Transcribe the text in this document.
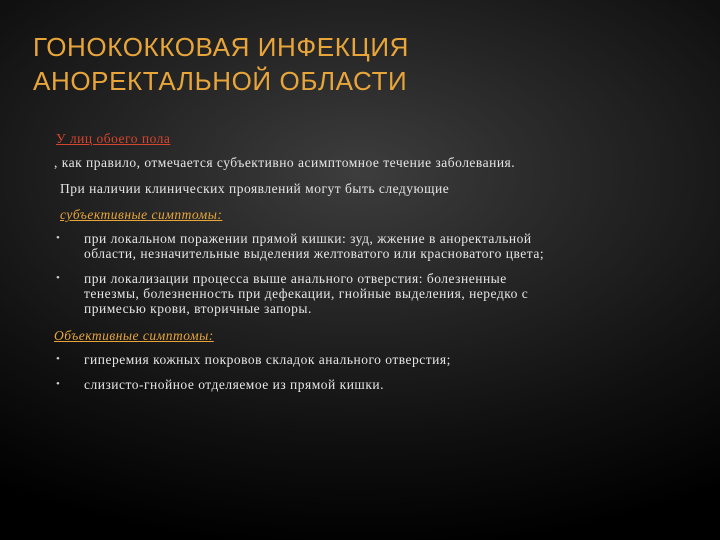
ГОНОКОККОВАЯ ИНФЕКЦИЯ
АНОРЕКТАЛЬНОЙ ОБЛАСТИ
У лиц обоего пола
, как правило, отмечается субъективно асимптомное течение заболевания.
При наличии клинических проявлений могут быть следующие
субъективные симптомы:
• при локальном поражении прямой кишки: зуд, жжение в аноректальной
области, незначительные выделения желтоватого или красноватого цвета;
• при локализации процесса выше анального отверстия: болезненные
тенезмы, болезненность при дефекации, гнойные выделения, нередко с
примесью крови, вторичные запоры.
Объективные симптомы:
• гиперемия кожных покровов складок анального отверстия;
• слизисто-гнойное отделяемое из прямой кишки.
